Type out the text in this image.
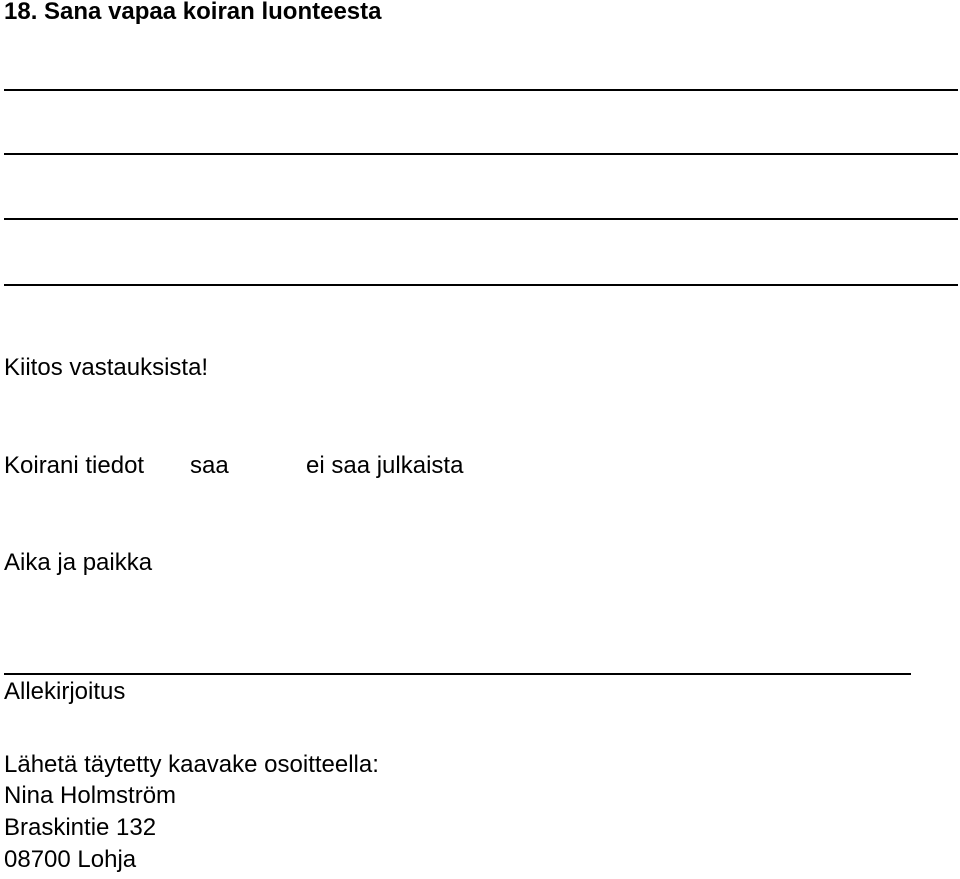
18. Sana vapaa koiran luonteesta
Kiitos vastauksista!
Koirani tiedot saa	ei saa julkaista
Aika ja paikka
Allekirjoitus
Lähetä täytetty kaavake osoitteella:
Nina Holmström
Braskintie 132
08700 Lohja
